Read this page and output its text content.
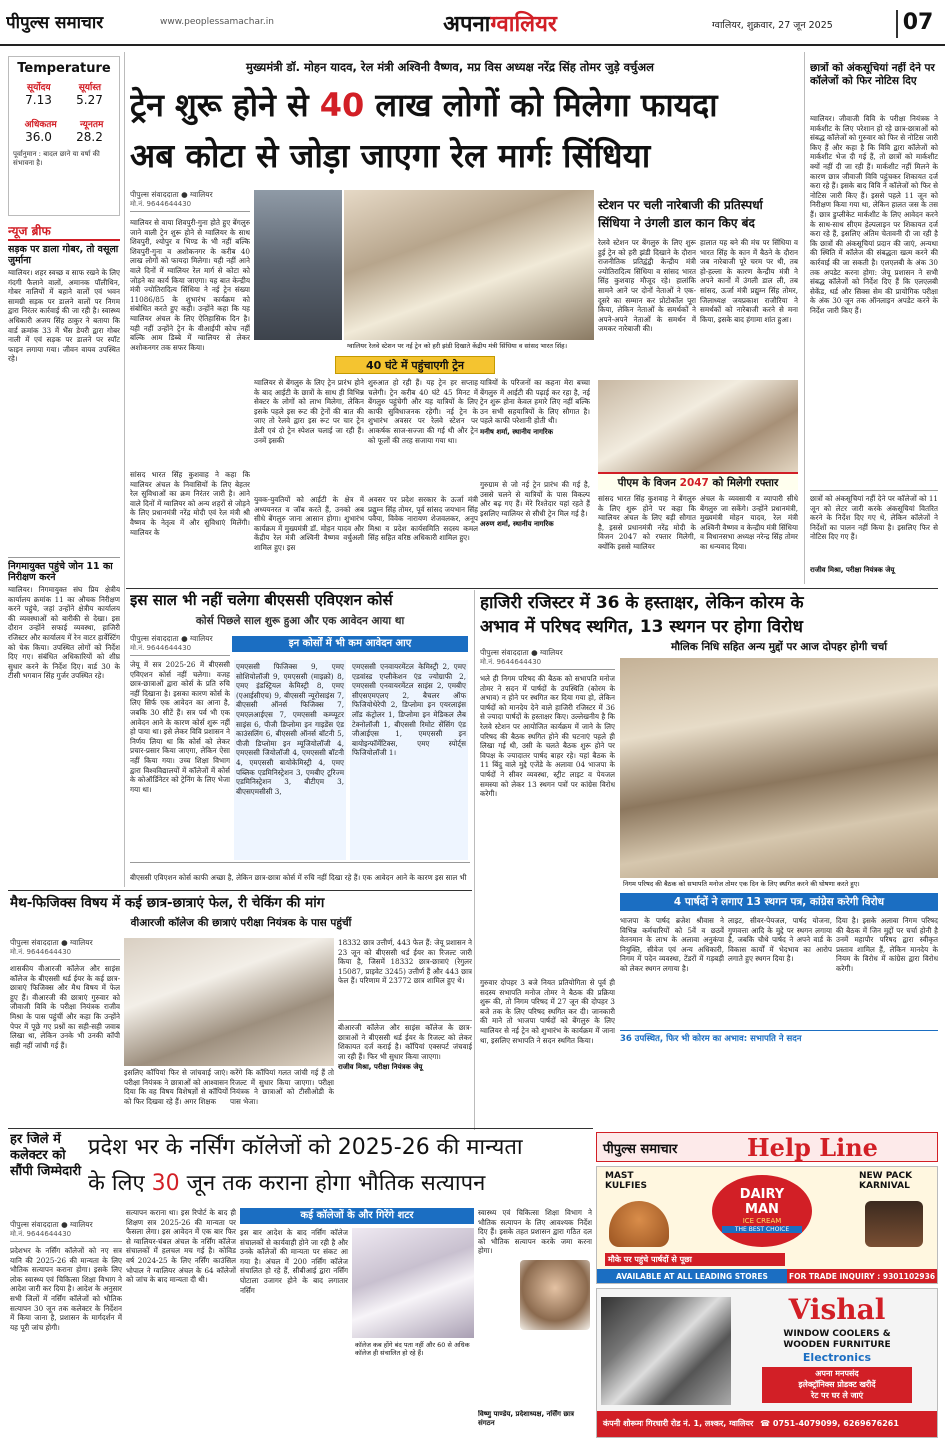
पीपुल्स समाचार	www.peoplessamachar.in	अपनाग्वालियर	ग्वालियर, शुक्रवार, 27 जून 2025	07
Temperature
सूर्योदय	सूर्यास्त
7.13 5.27
अधिकतम	न्यूनतम
36.0 28.2
पूर्वानुमान : बादल छाने या वर्षा की संभावना है।
न्यूज ब्रीफ
सड़क पर डाला गोबर, तो वसूला जुर्माना
ग्वालियर। शहर स्वच्छ व साफ रखने के लिए गंदगी फैलाने वालों, अमानक पॉलीथिन, गोबर नालियों में बहाने वालों एवं भवन सामग्री सड़क पर डालने वालों पर निगम द्वारा निरंतर कार्रवाई की जा रही है। स्वास्थ्य अधिकारी अजय सिंह ठाकुर ने बताया कि वार्ड क्रमांक 33 में भैंस डेयरी द्वारा गोबर नाली में एवं सड़क पर डालने पर स्पॉट फाइन लगाया गया। जीवन वायव उपस्थित रहे।
निगमायुक्त पहुंचे जोन 11 का निरीक्षण करने
ग्वालियर। निगमायुक्त संघ प्रिय क्षेत्रीय कार्यालय क्रमांक 11 का औचक निरीक्षण करने पहुंचे, जहां उन्होंने क्षेत्रीय कार्यालय की व्यवस्थाओं को बारीकी से देखा। इस दौरान उन्होंने सफाई व्यवस्था, हाजिरी रजिस्टर और कार्यालय में रेन वाटर हार्वेस्टिंग को चेक किया। उपस्थित लोगों को निर्देश दिए गए। संबंधित अधिकारियों को शीघ्र सुधार करने के निर्देश दिए। वार्ड 30 के टीसी भगवान सिंह गुर्जर उपस्थित रहे।
मुख्यमंत्री डॉ. मोहन यादव, रेल मंत्री अश्विनी वैष्णव, मप्र विस अध्यक्ष नरेंद्र सिंह तोमर जुड़े वर्चुअल
ट्रेन शुरू होने से 40 लाख लोगों को मिलेगा फायदा
अब कोटा से जोड़ा जाएगा रेल मार्गः सिंधिया
पीपुल्स संवाददाता ● ग्वालियर
मो.नं. 9644644430
ग्वालियर से वाया शिवपुरी-गुना होते हुए बेंगलुरु जाने वाली ट्रेन शुरू होने से ग्वालियर के साथ शिवपुरी, श्योपुर व भिण्ड के भी नहीं बल्कि शिवपुरी-गुना व अशोकनगर के करीब 40 लाख लोगों को फायदा मिलेगा। यही नहीं आने वाले दिनों में ग्वालियर रेल मार्ग से कोटा को जोड़ने का कार्य किया जाएगा। यह बात केन्द्रीय मंत्री ज्योतिरादित्य सिंधिया ने नई ट्रेन संख्या 11086/85 के शुभारंभ कार्यक्रम को संबोधित करते हुए कही। उन्होंने कहा कि यह ग्वालियर अंचल के लिए ऐतिहासिक दिन है। यही नहीं उन्होंने ट्रेन के वीआईपी कोच नहीं बल्कि आम डिब्बे में ग्वालियर से लेकर अशोकनगर तक सफर किया।	ग्वालियर रेलवे स्टेशन पर नई ट्रेन को हरी झंडी दिखाते केंद्रीय मंत्री सिंधिया व सांसद भारत सिंह।
सांसद भारत सिंह कुशवाह ने कहा कि ग्वालियर अंचल के निवासियों के लिए बेहतर रेल सुविधाओं का क्रम निरंतर जारी है। आने वाले दिनों में ग्वालियर को अन्य शहरों से जोड़ने के लिए प्रधानमंत्री नरेंद्र मोदी एवं रेल मंत्री श्री वैष्णव के नेतृत्व में और सुविधाएं मिलेंगी। ग्वालियर के
40 घंटे में पहुंचाएगी ट्रेन
ग्वालियर से बेंगलुरु के लिए ट्रेन प्रारंभ होने के बाद आईटी के छात्रों के साथ ही विभिन्न सेक्टर के लोगों को लाभ मिलेगा, लेकिन इसके पहले इस रूट की ट्रेनों की बात की जाए तो रेलवे द्वारा इस रूट पर चार ट्रेन डेली एवं दो ट्रेन स्पेशल चलाई जा रही हैं। उनमें इसकी
शुरुआत हो रही हैं। यह ट्रेन हर सप्ताह चलेगी। ट्रेन करीब 40 घंटे 45 मिनट में बेंगलुरु पहुंचेगी और यह यात्रियों के लिए काफी सुविधाजनक रहेगी। नई ट्रेन के शुभारंभ अवसर पर रेलवे स्टेशन पर आकर्षक साज-सज्जा की गई थी और ट्रेन को फूलों की तरह सजाया गया था।
युवक-युवतियों को आईटी के क्षेत्र में अध्ययनरत व जॉब करते हैं, उनको अब सीधे बेंगलुरु जाना आसान होगा। शुभारंभ कार्यक्रम में मुख्यमंत्री डॉ. मोहन यादव और केंद्रीय रेल मंत्री अश्विनी वैष्णव वर्चुअली शामिल हुए। इस
अवसर पर प्रदेश सरकार के ऊर्जा मंत्री प्रद्युम्न सिंह तोमर, पूर्व सांसद जयभान सिंह पवैया, विवेक नारायण शेजवलकर, अनूप मिश्रा व प्रदेश कार्यसमिति सदस्य कमल सिंह सहित वरिष्ठ अधिकारी शामिल हुए।
स्टेशन पर चली नारेबाजी की प्रतिस्पर्धा
सिंधिया ने उंगली डाल कान किए बंद
रेलवे स्टेशन पर बेंगलुरु के लिए शुरू हुई ट्रेन को हरी झंडी दिखाने के दौरान राजनीतिक प्रतिद्वंद्वी केन्द्रीय मंत्री ज्योतिरादित्य सिंधिया व सांसद भारत सिंह कुशवाह मौजूद रहे। हालांकि सामने आने पर दोनों नेताओं ने एक-दूसरे का सम्मान कर प्रोटोकॉल पूरा किया, लेकिन नेताओं के समर्थकों ने अपने-अपने नेताओं के समर्थन में जमकर नारेबाजी की।
हालात यह बने की मंच पर सिंधिया व भारत सिंह के कान में बैठने के दौरान जब नारेबाजी पूरे चरम पर थी, तब हो-हल्ला के कारण केन्द्रीय मंत्री ने अपने कानों में उंगली डाल ली, तब सांसद, ऊर्जा मंत्री प्रद्युम्न सिंह तोमर, जिलाध्यक्ष जयप्रकाश राजौरिया ने समर्थकों को नारेबाजी करने से मना किया, इसके बाद हंगामा शांत हुआ।
यात्रियों के परिजनों का कहना मेरा बच्चा बेंगलुरु में आईटी की पढ़ाई कर रहा है, नई ट्रेन शुरू होना केवल हमारे लिए नहीं बल्कि उन सभी सहयात्रियों के लिए सौगात है। पहले काफी परेशानी होती थी।
मनीष शर्मा, स्थानीय नागरिक
गुरुग्राम से जो नई ट्रेन प्रारंभ की गई है, उससे चलने से यात्रियों के पास विकल्प और बढ़ गए हैं। मेरे रिश्तेदार यहां रहते हैं इसलिए ग्वालियर से सीधी ट्रेन मिल गई है।
अरुण शर्मा, स्थानीय नागरिक
पीएम के विजन 2047 को मिलेगी रफ्तार
सांसद भारत सिंह कुशवाह ने बेंगलुरु के लिए शुरू होने पर कहा कि ग्वालियर अंचल के लिए बड़ी सौगात है, इससे प्रधानमंत्री नरेंद्र मोदी के विजन 2047 को रफ्तार मिलेगी, क्योंकि इससे ग्वालियर
अंचल के व्यवसायी व व्यापारी सीधे बेंगलुरु जा सकेंगे। उन्होंने प्रधानमंत्री, मुख्यमंत्री मोहन यादव, रेल मंत्री अश्विनी वैष्णव व केन्द्रीय मंत्री सिंधिया व विधानसभा अध्यक्ष नरेन्द्र सिंह तोमर का धन्यवाद दिया।
छात्रों को अंकसूचियां नहीं देने पर कॉलेजों को फिर नोटिस दिए
ग्वालियर। जीवाजी विवि के परीक्षा नियंत्रक ने मार्कशीट के लिए परेशान हो रहे छात्र-छात्राओं को संबद्ध कॉलेजों को गुरुवार को फिर से नोटिस जारी किए हैं और कहा है कि विवि द्वारा कॉलेजों को मार्कशीट भेज दी गई हैं, तो छात्रों को मार्कशीट क्यों नहीं दी जा रही हैं। मार्कशीट नहीं मिलने के कारण छात्र जीवाजी विवि पहुंचकर शिकायत दर्ज करा रहे हैं। इसके बाद विवि ने कॉलेजों को फिर से नोटिस जारी किए हैं। इससे पहले 11 जून को निरीक्षण किया गया था, लेकिन हालत जस के तस हैं। छात्र डुप्लीकेट मार्कशीट के लिए आवेदन करने के साथ-साथ सीएम हेल्पलाइन पर शिकायत दर्ज करा रहे हैं, इसलिए अंतिम चेतावनी दी जा रही है कि छात्रों की अंकसूचियां प्रदान की जाएं, अन्यथा की स्थिति में कॉलेज की संबद्धता खत्म करने की कार्रवाई की जा सकती है। एलएलबी के अंक 30 तक अपडेट करना होगा: जेयू प्रशासन ने सभी संबद्ध कॉलेजों को निर्देश दिए हैं कि एलएलबी सेकेंड, थर्ड और सिक्स सेम की प्रायोगिक परीक्षा के अंक 30 जून तक ऑनलाइन अपडेट करने के निर्देश जारी किए हैं।
छात्रों को अंकसूचियां नहीं देने पर कॉलेजों को 11 जून को लेटर जारी करके अंकसूचियां वितरित करने के निर्देश दिए गए थे, लेकिन कॉलेजों ने निर्देशों का पालन नहीं किया है। इसलिए फिर से नोटिस दिए गए हैं।
राजीव मिश्रा, परीक्षा नियंत्रक जेयू
इस साल भी नहीं चलेगा बीएससी एविएशन कोर्स
कोर्स पिछले साल शुरू हुआ और एक आवेदन आया था
पीपुल्स संवाददाता ● ग्वालियर
मो.नं. 9644644430	इन कोर्सों में भी कम आवेदन आए
जेयू में सत्र 2025-26 में बीएससी एविएशन कोर्स नहीं चलेगा। वजह छात्र-छात्राओं द्वारा कोर्स के प्रति रुचि नहीं दिखाना है। इसका कारण कोर्स के लिए सिर्फ एक आवेदन का आना है, जबकि 30 सीटें हैं। सत्र पर्व भी एक आवेदन आने के कारण कोर्स शुरू नहीं हो पाया था। इसे लेकर विवि प्रशासन ने निर्णय लिया था कि कोर्स को लेकर प्रचार-प्रसार किया जाएगा, लेकिन ऐसा नहीं किया गया। उच्च शिक्षा विभाग द्वारा विश्वविद्यालयों में कॉलेजों में कोर्स के कोऑर्डिनेटर को ट्रेनिंग के लिए भेजा गया था।
एमएससी फिजिक्स 9, एमए सोशियोलॉजी 9, एमएससी (माइक्रो) 8, एमए इंडस्ट्रियल केमिस्ट्री 8, एमए (एआईसीएच) 9, बीएससी न्यूरोसाइंस 7, बीएससी ऑनर्स फिजिक्स 7, एमएलआईएस 7, एमएससी कम्प्यूटर साइंस 6, पीजी डिप्लोमा इन गाइडेंस एंड काउंसलिंग 6, बीएससी ऑनर्स बॉटनी 5, पीजी डिप्लोमा इन म्यूजियोलॉजी 4, एमएससी जियोलॉजी 4, एमएससी बॉटनी 4, एमएससी बायोकेमिस्ट्री 4, एमए पब्लिक एडमिनिस्ट्रेशन 3, एमबीए टूरिज्म एडमिनिस्ट्रेशन 3, बीटीएम 3, बीएसएमसीसी 3,
एमएससी एनवायरमेंटल केमिस्ट्री 2, एमए एडवांस्ड एप्लीकेशन एंड ज्योग्राफी 2, एमएससी एनवायरमेंटल साइंस 2, एमबीए सीएसएमएलए 2, बैचलर ऑफ फिजियोथेरेपी 2, डिप्लोमा इन एयरलाइंस लॉड कंट्रोलर 1, डिप्लोमा इन मेडिकल लैब टेक्नोलॉजी 1, बीएससी रिमोट सेंसिंग एंड जीआईएस 1, एमएससी इन बायोइन्फॉर्मेटिक्स, एमए स्पोर्ट्स फिजियोलॉजी 1।
बीएससी एविएशन कोर्स काफी अच्छा है, लेकिन छात्र-छात्रा कोर्स में रुचि नहीं दिखा रहे हैं। एक आवेदन आने के कारण इस साल भी
हाजिरी रजिस्टर में 36 के हस्ताक्षर, लेकिन कोरम के
अभाव में परिषद स्थगित, 13 स्थगन पर होगा विरोध
मौलिक निधि सहित अन्य मुद्दों पर आज दोपहर होगी चर्चा
पीपुल्स संवाददाता ● ग्वालियर
मो.नं. 9644644430
भले ही निगम परिषद की बैठक को सभापति मनोज तोमर ने सदन में पार्षदों के उपस्थिति (कोरम के अभाव) न होने पर स्थगित कर दिया गया हो, लेकिन पार्षदों को मानदेय देने वाले हाजिरी रजिस्टर में 36 से ज्यादा पार्षदों के हस्ताक्षर किए। उल्लेखनीय है कि रेलवे स्टेशन पर आयोजित कार्यक्रम में जाने के लिए परिषद की बैठक स्थगित होने की घटनाएं पहले ही लिखा गई थी, उसी के चलते बैठक शुरू होने पर विपक्ष के ज्यादातर पार्षद बाहर रहे। यहां बैठक के 11 बिंदु वाले मुद्दे एजेंडे के अलावा 04 भाजपा के पार्षदों ने सीवर व्यवस्था, स्ट्रीट लाइट व पेयजल समस्या को लेकर 13 स्थगन पत्रों पर कांग्रेस विरोध करेगी।
निगम परिषद की बैठक को सभापति मनोज तोमर एक दिन के लिए स्थगित करने की घोषणा करते हुए।
4 पार्षदों ने लगाए 13 स्थगन पत्र, कांग्रेस करेगी विरोध
भाजपा के पार्षद ब्रजेश श्रीवास ने विभिन्न कर्मचारियों को 5वें व छठवें वेतनमान के लाभ के अलावा अनुकंपा नियुक्ति, सीवेज एवं अन्य अधिकारी, निगम में पदेन व्यवस्था, टेंडरों में गड़बड़ी को लेकर स्थगन लगाया है।
लाइट, सीवर-पेयजल, पार्षद योजना, गुणवत्ता आदि के मुद्दे पर स्थगन लगाया है, जबकि चौथे पार्षद ने अपने वार्ड के विकास कार्यों में भेदभाव का आरोप लगाते हुए स्थगन दिया है।
दिया है। इसके अलावा निगम परिषद की बैठक में जिन मुद्दों पर चर्चा होनी है उनमें महापौर परिषद द्वारा स्वीकृत प्रस्ताव शामिल हैं, लेकिन मानदेय के नियम के विरोध में कांग्रेस द्वारा विरोध करेगी।
गुरुवार दोपहर 3 बजे नियत प्रतियोगिता से पूर्व ही सदस्य सभापति मनोज तोमर ने बैठक की प्रक्रिया शुरू की, तो निगम परिषद में 27 जून की दोपहर 3 बजे तक के लिए परिषद स्थगित कर दी। जानकारी की माने तो भाजपा पार्षदों को बेंगलुरु के लिए ग्वालियर से नई ट्रेन को शुभारंभ के कार्यक्रम में जाना था, इसलिए सभापति ने सदन स्थगित किया।	36 उपस्थित, फिर भी कोरम का अभाव: सभापति ने सदन
मैथ-फिजिक्स विषय में कई छात्र-छात्राएं फेल, री चेकिंग की मांग
वीआरजी कॉलेज की छात्राएं परीक्षा नियंत्रक के पास पहुंचीं
पीपुल्स संवाददाता ● ग्वालियर
मो.नं. 9644644430
शासकीय वीआरजी कॉलेज और साइंस कॉलेज के बीएससी थर्ड ईयर के कई छात्र-छात्राएं फिजिक्स और मैथ विषय में फेल हुए हैं। वीआरजी की छात्राएं गुरुवार को जीवाजी विवि के परीक्षा नियंत्रक राजीव मिश्रा के पास पहुंचीं और कहा कि उन्होंने पेपर में पूछे गए प्रश्नों का सही-सही जवाब लिखा था, लेकिन उनके भी उनकी कॉपी सही नहीं जांची गई हैं।
18332 छात्र उत्तीर्ण, 443 फेल हैं: जेयू प्रशासन ने 23 जून को बीएससी थर्ड ईयर का रिजल्ट जारी किया है, जिसमें 18332 छात्र-छात्राएं (रेगुलर 15087, प्राइवेट 3245) उत्तीर्ण हैं और 443 छात्र फेल हैं। परिणाम में 23772 छात्र शामिल हुए थे।
बीआरजी कॉलेज और साइंस कॉलेज के छात्र-छात्राओं ने बीएससी थर्ड ईयर के रिजल्ट को लेकर शिकायत दर्ज कराई है। कॉपियां एक्सपर्ट जंचवाई जा रही हैं। फिर भी सुधार किया जाएगा।
राजीव मिश्रा, परीक्षा नियंत्रक जेयू
इसलिए कॉपियां फिर से जांचवाई जाएं। परीक्षा नियंत्रक ने छात्राओं को आश्वासन दिया कि वह विषय विशेषज्ञों से कॉपियों को फिर दिखवा रहे हैं। अगर शिक्षक
करेंगे कि कॉपियां गलत जांची गई हैं तो रिजल्ट में सुधार किया जाएगा। परीक्षा नियंत्रक ने छात्राओं को टीसीओडी के पास भेजा।
हर जिले में कलेक्टर को सौंपी जिम्मेदारी
प्रदेश भर के नर्सिंग कॉलेजों को 2025-26 की मान्यता
के लिए 30 जून तक कराना होगा भौतिक सत्यापन
पीपुल्स संवाददाता ● ग्वालियर
मो.नं. 9644644430
प्रदेशभर के नर्सिंग कॉलेजों को नए सत्र यानि की 2025-26 की मान्यता के लिए भौतिक सत्यापन कराना होगा। इसके लिए लोक स्वास्थ्य एवं चिकित्सा शिक्षा विभाग ने आदेश जारी कर दिया है। आदेश के अनुसार सभी जिलों में नर्सिंग कॉलेजों को भौतिक सत्यापन 30 जून तक कलेक्टर के निर्देशन में किया जाना है, प्रशासन के मार्गदर्शन में यह पूरी जांच होगी।
सत्यापन कराना था। इस रिपोर्ट के बाद ही शिक्षण सत्र 2025-26 की मान्यता पर फैसला लेगा। इस आवेदन में एक बार फिर से ग्वालियर-चंबल अंचल के नर्सिंग कॉलेज संचालकों में हलचल मच गई है। कोविड वर्ष 2024-25 के लिए नर्सिंग काउंसिल भोपाल ने ग्वालियर अंचल के 64 कॉलेजों को जांच के बाद मान्यता दी थी।
कई कॉलेजों के और गिरेंगे शटर
इस बार आदेश के बाद नर्सिंग कॉलेज संचालकों से कार्यवाही होने जा रही है और उनके कॉलेजों की मान्यता पर संकट आ गया है। अंचल में 200 नर्सिंग कॉलेज संचालित हो रहे हैं, सीबीआई द्वारा नर्सिंग घोटाला उजागर होने के बाद लगातार नर्सिंग
कॉलेज कब होंगे बंद पता नहीं और 60 से अधिक कॉलेज ही संचालित हो रहे हैं।
स्वास्थ्य एवं चिकित्सा शिक्षा विभाग ने भौतिक सत्यापन के लिए आवश्यक निर्देश दिए हैं। इसके तहत प्रशासन द्वारा गठित दल को भौतिक सत्यापन करके जमा करना होगा।
विष्णु पाण्डेय, प्रदेशाध्यक्ष, नर्सिंग छात्र संगठन
पीपुल्स समाचार	Help Line
MAST KULFIES
DAIRY
MAN
ICE CREAM
THE BEST CHOICE
NEW PACK KARNIVAL
मौके पर पहुंचे पार्षदों से पूछा
AVAILABLE AT ALL LEADING STORES	FOR TRADE INQUIRY : 9301102936
Vishal
WINDOW COOLERS &
WOODEN FURNITURE
Electronics
अपना मनपसंद
इलेक्ट्रॉनिक्स प्रोडक्ट खरीदें
रेट पर घर ले जाएं
कंपनी शोरूमः गिरधारी रोड नं. 1, लश्कर, ग्वालियर ☎ 0751-4079099, 6269676261
